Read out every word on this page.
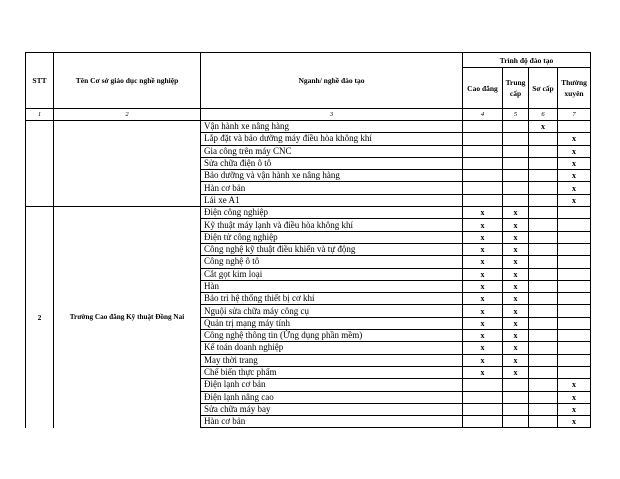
STT	Tên Cơ sở giáo dục nghề nghiệp	Nganh/ nghề đào tạo	Trình độ đào tạo			
			Cao đẳng	Trung cấp	Sơ cấp	Thường xuyên
1	2	3	4	5	6	7
		Vận hành xe nâng hàng			x	
		Lắp đặt và bảo dưỡng máy điều hòa không khí				x
		Gia công trên máy CNC				x
		Sửa chữa điện ô tô				x
		Bảo dưỡng và vận hành xe nâng hàng				x
		Hàn cơ bản				x
		Lái xe A1				x
2	Trường Cao đẳng Kỹ thuật Đồng Nai	Điện công nghiệp	x	x		
		Kỹ thuật máy lạnh và điều hòa không khí	x	x		
		Điện tử công nghiệp	x	x		
		Công nghệ kỹ thuật điều khiển và tự động	x	x		
		Công nghệ ô tô	x	x		
		Cắt gọt kim loại	x	x		
		Hàn	x	x		
		Bảo trì hệ thống thiết bị cơ khí	x	x		
		Nguội sửa chữa máy công cụ	x	x		
		Quản trị mạng máy tính	x	x		
		Công nghệ thông tin (Ứng dụng phần mềm)	x	x		
		Kế toán doanh nghiệp	x	x		
		May thời trang	x	x		
		Chế biến thực phẩm	x	x		
		Điện lạnh cơ bản				x
		Điện lạnh nâng cao				x
		Sửa chữa máy bay				x
		Hàn cơ bản				x
